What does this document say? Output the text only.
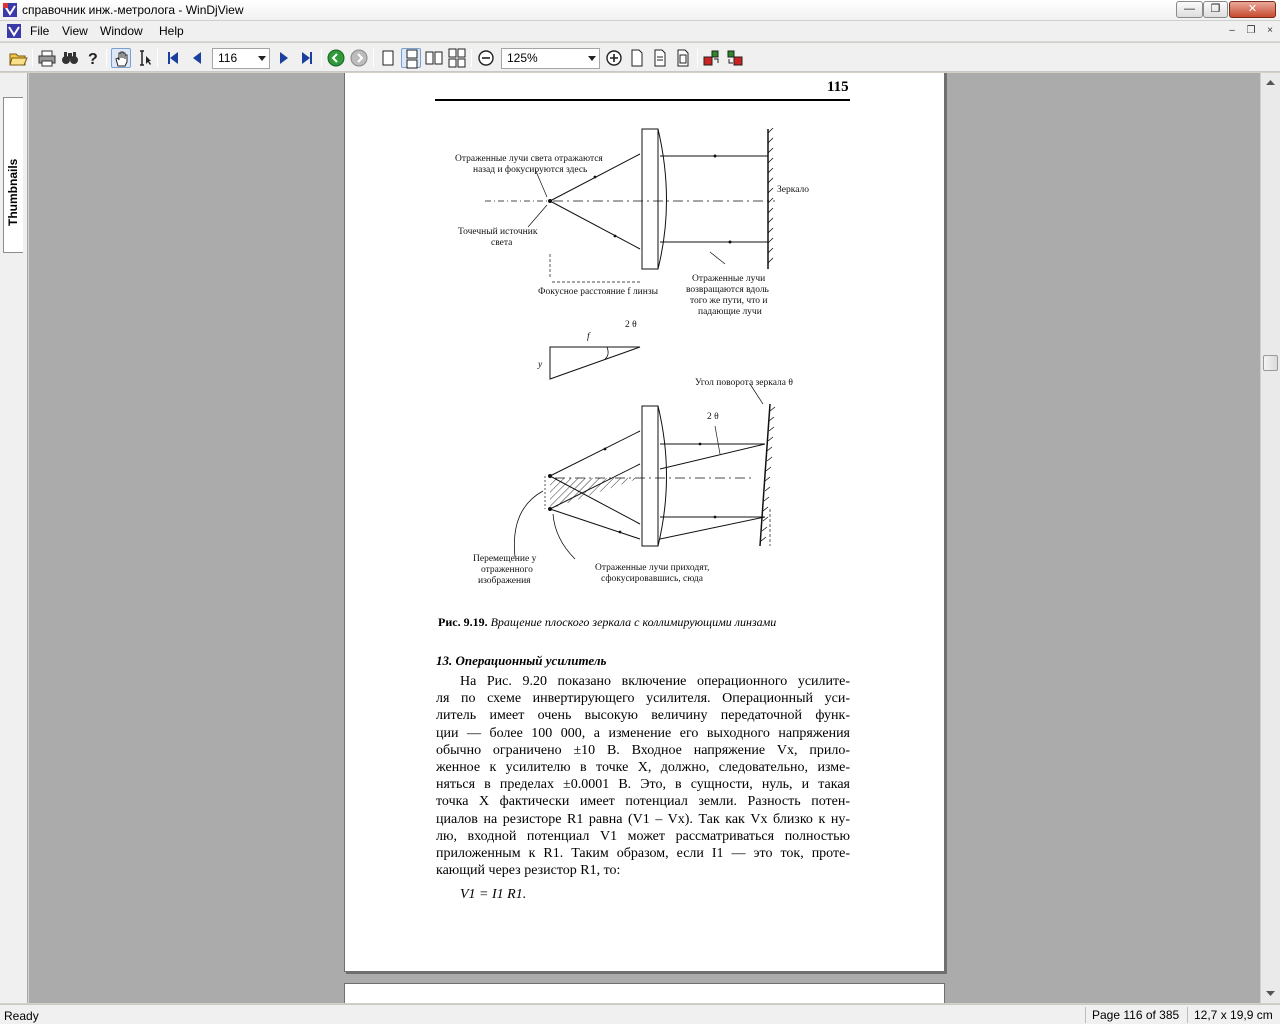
справочник инж.-метролога - WinDjView	—	❐	✕
File View Window Help	–	❐	×
?	116	125%
Thumbnails
115
Отраженные лучи света отражаются
назад и фокусируются здесь
Точечный источник
света
Зеркало
Фокусное расстояние f линзы
Отраженные лучи
возвращаются вдоль
того же пути, что и
падающие лучи
f
2 θ
y
Угол поворота зеркала θ
2 θ
Перемещение y
отраженного
изображения
Отраженные лучи приходят,
сфокусировавшись, сюда
Рис. 9.19. Вращение плоского зеркала с коллимирующими линзами
13. Операционный усилитель
На Рис. 9.20 показано включение операционного усилите-
ля по схеме инвертирующего усилителя. Операционный уси-
литель имеет очень высокую величину передаточной функ-
ции — более 100 000, а изменение его выходного напряжения
обычно ограничено ±10 В. Входное напряжение Vx, прило-
женное к усилителю в точке X, должно, следовательно, изме-
няться в пределах ±0.0001 В. Это, в сущности, нуль, и такая
точка X фактически имеет потенциал земли. Разность потен-
циалов на резисторе R1 равна (V1 – Vx). Так как Vx близко к ну-
лю, входной потенциал V1 может рассматриваться полностью
приложенным к R1. Таким образом, если I1 — это ток, проте-
кающий через резистор R1, то:
V1 = I1 R1.
Ready	Page 116 of 385	12,7 x 19,9 cm
